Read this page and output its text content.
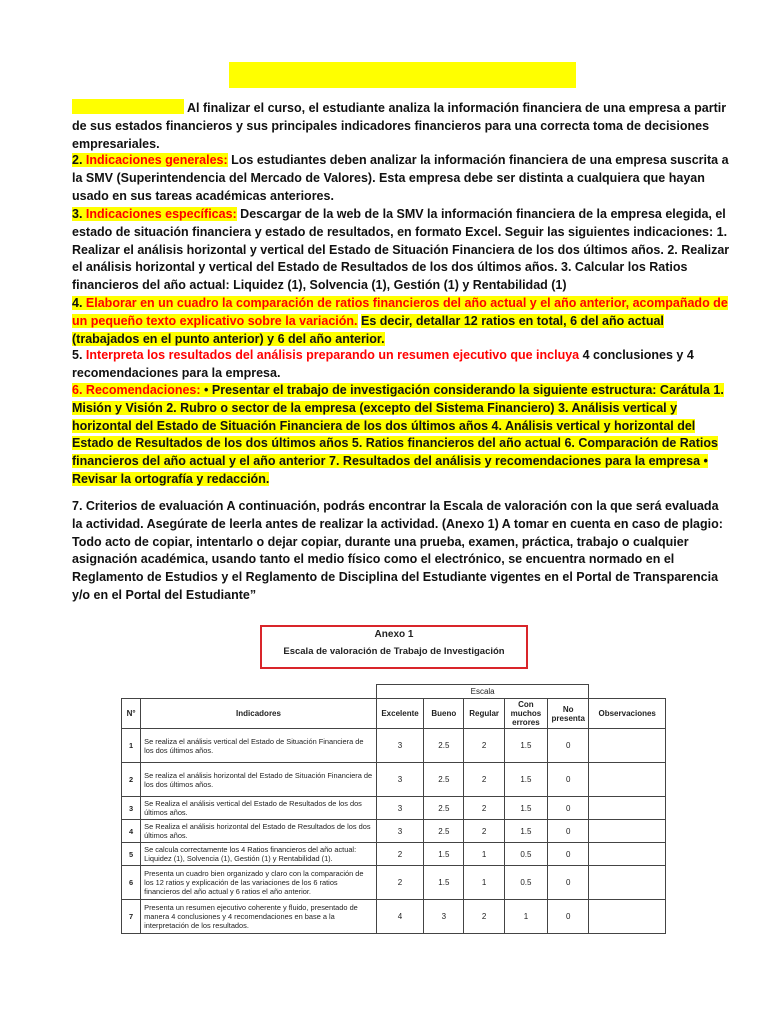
Al finalizar el curso, el estudiante analiza la información financiera de una empresa a partir de sus estados financieros y sus principales indicadores financieros para una correcta toma de decisiones empresariales.

2. Indicaciones generales: Los estudiantes deben analizar la información financiera de una empresa suscrita a la SMV (Superintendencia del Mercado de Valores). Esta empresa debe ser distinta a cualquiera que hayan usado en sus tareas académicas anteriores.

3. Indicaciones específicas: Descargar de la web de la SMV la información financiera de la empresa elegida, el estado de situación financiera y estado de resultados, en formato Excel. Seguir las siguientes indicaciones: 1. Realizar el análisis horizontal y vertical del Estado de Situación Financiera de los dos últimos años. 2. Realizar el análisis horizontal y vertical del Estado de Resultados de los dos últimos años. 3. Calcular los Ratios financieros del año actual: Liquidez (1), Solvencia (1), Gestión (1) y Rentabilidad (1)

4. Elaborar en un cuadro la comparación de ratios financieros del año actual y el año anterior, acompañado de un pequeño texto explicativo sobre la variación. Es decir, detallar 12 ratios en total, 6 del año actual (trabajados en el punto anterior) y 6 del año anterior.

5. Interpreta los resultados del análisis preparando un resumen ejecutivo que incluya 4 conclusiones y 4 recomendaciones para la empresa.

6. Recomendaciones: • Presentar el trabajo de investigación considerando la siguiente estructura: Carátula 1. Misión y Visión 2. Rubro o sector de la empresa (excepto del Sistema Financiero) 3. Análisis vertical y horizontal del Estado de Situación Financiera de los dos últimos años 4. Análisis vertical y horizontal del Estado de Resultados de los dos últimos años 5. Ratios financieros del año actual 6. Comparación de Ratios financieros del año actual y el año anterior 7. Resultados del análisis y recomendaciones para la empresa • Revisar la ortografía y redacción.

7. Criterios de evaluación A continuación, podrás encontrar la Escala de valoración con la que será evaluada la actividad. Asegúrate de leerla antes de realizar la actividad. (Anexo 1) A tomar en cuenta en caso de plagio: Todo acto de copiar, intentarlo o dejar copiar, durante una prueba, examen, práctica, trabajo o cualquier asignación académica, usando tanto el medio físico como el electrónico, se encuentra normado en el Reglamento de Estudios y el Reglamento de Disciplina del Estudiante vigentes en el Portal de Transparencia y/o en el Portal del Estudiante”

Anexo 1
Escala de valoración de Trabajo de Investigación
		Escala					
N°	Indicadores	Excelente	Bueno	Regular	Con muchos errores	No presenta	Observaciones
1	Se realiza el análisis vertical del Estado de Situación Financiera de los dos últimos años.	3	2.5	2	1.5	0	
2	Se realiza el análisis horizontal del Estado de Situación Financiera de los dos últimos años.	3	2.5	2	1.5	0	
3	Se Realiza el análisis vertical del Estado de Resultados de los dos últimos años.	3	2.5	2	1.5	0	
4	Se Realiza el análisis horizontal del Estado de Resultados de los dos últimos años.	3	2.5	2	1.5	0	
5	Se calcula correctamente los 4 Ratios financieros del año actual: Liquidez (1), Solvencia (1), Gestión (1) y Rentabilidad (1).	2	1.5	1	0.5	0	
6	Presenta un cuadro bien organizado y claro con la comparación de los 12 ratios y explicación de las variaciones de los 6 ratios financieros del año actual y 6 ratios el año anterior.	2	1.5	1	0.5	0	
7	Presenta un resumen ejecutivo coherente y fluido, presentado de manera 4 conclusiones y 4 recomendaciones en base a la interpretación de los resultados.	4	3	2	1	0	
